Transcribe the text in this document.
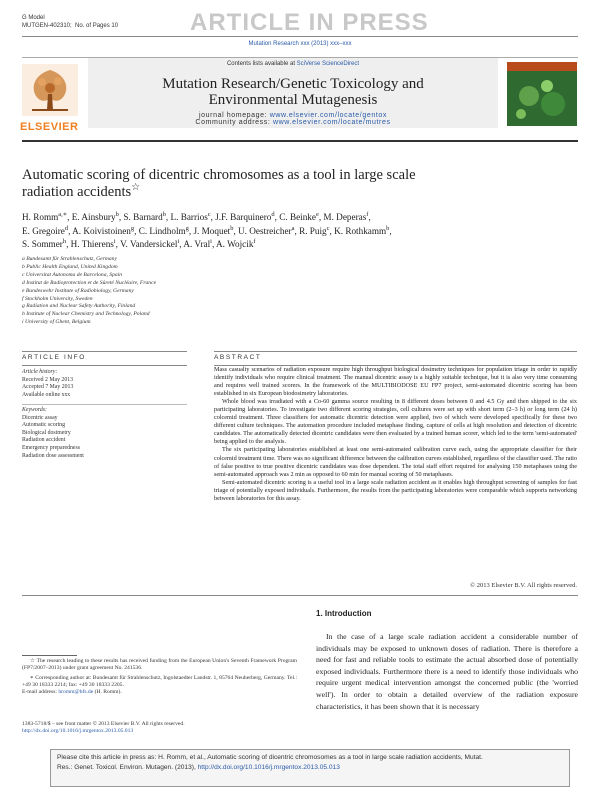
G Model
MUTGEN-402310; No. of Pages 10	ARTICLE IN PRESS
Mutation Research xxx (2013) xxx–xxx
ELSEVIER
Contents lists available at SciVerse ScienceDirect
Mutation Research/Genetic Toxicology and
Environmental Mutagenesis
journal homepage: www.elsevier.com/locate/gentox
Community address: www.elsevier.com/locate/mutres
Automatic scoring of dicentric chromosomes as a tool in large scale radiation accidents☆
H. Romm$^{a,∗}$, E. Ainsbury$^b$, S. Barnard$^b$, L. Barrios$^c$, J.F. Barquinero$^d$, C. Beinke$^e$, M. Deperas$^f$,
E. Gregoire$^d$, A. Koivistoinen$^g$, C. Lindholm$^g$, J. Moquet$^b$, U. Oestreicher$^a$, R. Puig$^c$, K. Rothkamm$^b$,
S. Sommer$^h$, H. Thierens$^i$, V. Vandersickel$^i$, A. Vral$^i$, A. Wojcik$^f$
a Bundesamt für Strahlenschutz, Germany
b Public Health England, United Kingdom
c Universitat Autonoma de Barcelona, Spain
d Institut de Radioprotection et de Sûreté Nucléaire, France
e Bundeswehr Institute of Radiobiology, Germany
f Stockholm University, Sweden
g Radiation and Nuclear Safety Authority, Finland
h Institute of Nuclear Chemistry and Technology, Poland
i University of Ghent, Belgium
ARTICLE INFO
Article history:
Received 2 May 2013
Accepted 7 May 2013
Available online xxx
Keywords:
Dicentric assay
Automatic scoring
Biological dosimetry
Radiation accident
Emergency preparedness
Radiation dose assessment
ABSTRACT

Mass casualty scenarios of radiation exposure require high throughput biological dosimetry techniques for population triage in order to rapidly identify individuals who require clinical treatment. The manual dicentric assay is a highly suitable technique, but it is also very time consuming and requires well trained scorers. In the framework of the MULTIBIODOSE EU FP7 project, semi-automated dicentric scoring has been established in six European biodosimetry laboratories.

Whole blood was irradiated with a Co-60 gamma source resulting in 8 different doses between 0 and 4.5 Gy and then shipped to the six participating laboratories. To investigate two different scoring strategies, cell cultures were set up with short term (2–3 h) or long term (24 h) colcemid treatment. Three classifiers for automatic dicentric detection were applied, two of which were developed specifically for these two different culture techniques. The automation procedure included metaphase finding, capture of cells at high resolution and detection of dicentric candidates. The automatically detected dicentric candidates were then evaluated by a trained human scorer, which led to the term 'semi-automated' being applied to the analysis.

The six participating laboratories established at least one semi-automated calibration curve each, using the appropriate classifier for their colcemid treatment time. There was no significant difference between the calibration curves established, regardless of the classifier used. The ratio of false positive to true positive dicentric candidates was dose dependent. The total staff effort required for analysing 150 metaphases using the semi-automated approach was 2 min as opposed to 60 min for manual scoring of 50 metaphases.

Semi-automated dicentric scoring is a useful tool in a large scale radiation accident as it enables high throughput screening of samples for fast triage of potentially exposed individuals. Furthermore, the results from the participating laboratories were comparable which supports networking between laboratories for this assay.

© 2013 Elsevier B.V. All rights reserved.
1. Introduction

In the case of a large scale radiation accident a considerable number of individuals may be exposed to unknown doses of radiation. There is therefore a need for fast and reliable tools to estimate the actual absorbed dose of potentially exposed individuals. Furthermore there is a need to identify those individuals who require urgent medical intervention amongst the concerned public (the 'worried well'). In order to obtain a detailed overview of the radiation exposure characteristics, it has been shown that it is necessary

☆ The research leading to these results has received funding from the European Union's Seventh Framework Program (FP7/2007–2013) under grant agreement No. 241536.

∗ Corresponding author at: Bundesamt für Strahlenschutz, Ingolstaedter Landstr. 1, 85764 Neuherberg, Germany. Tel.: +49 30 18333 2214; fax: +49 30 18333 2205.
E-mail address: hromm@bfs.de (H. Romm).

1383-5718/$ – see front matter © 2013 Elsevier B.V. All rights reserved.
http://dx.doi.org/10.1016/j.mrgentox.2013.05.013
Please cite this article in press as: H. Romm, et al., Automatic scoring of dicentric chromosomes as a tool in large scale radiation accidents, Mutat.
Res.: Genet. Toxicol. Environ. Mutagen. (2013), http://dx.doi.org/10.1016/j.mrgentox.2013.05.013
